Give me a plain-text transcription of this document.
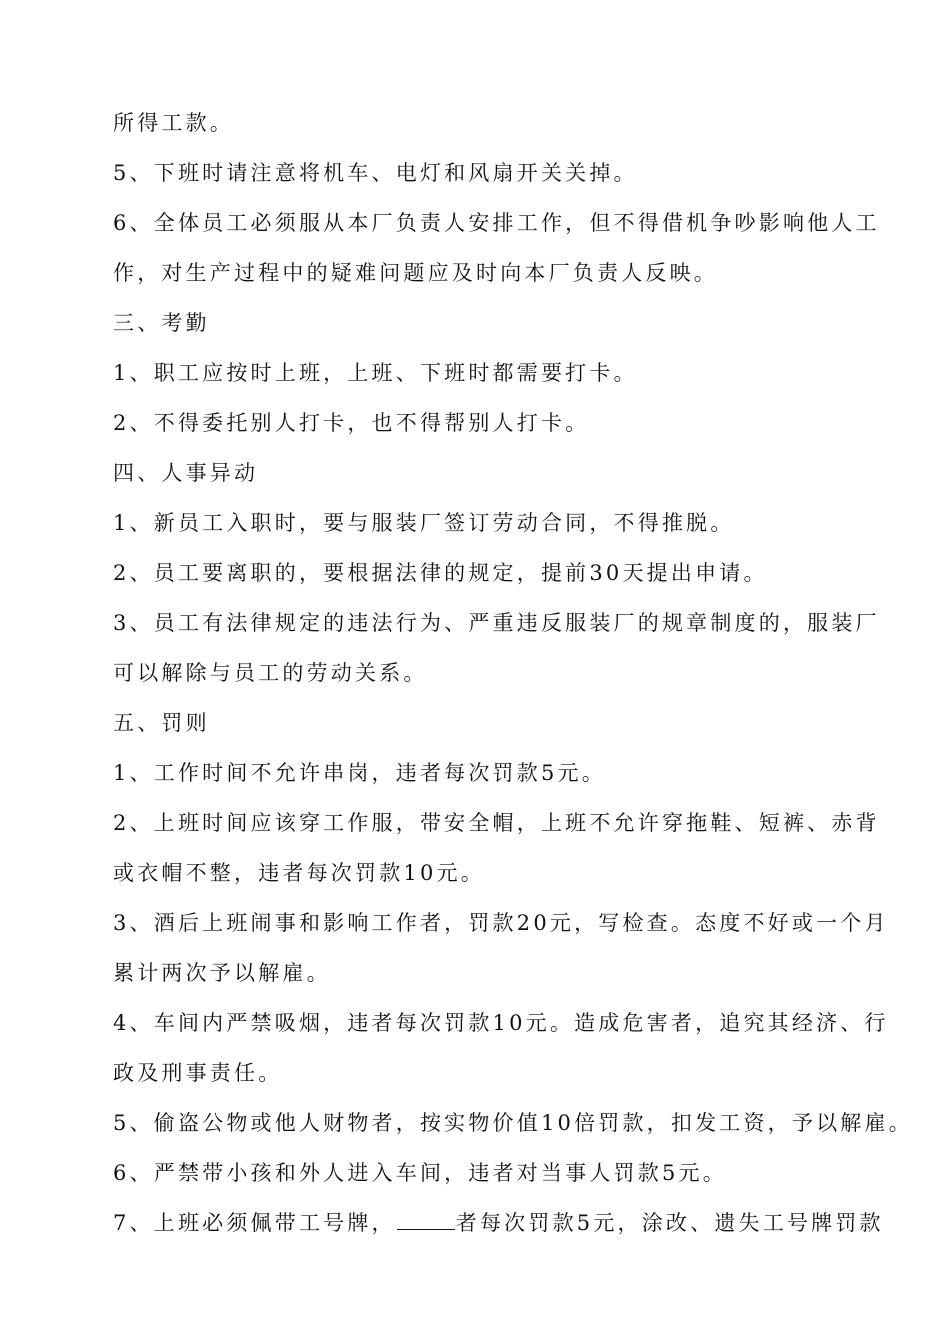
所得工款。
5、下班时请注意将机车、电灯和风扇开关关掉。
6、全体员工必须服从本厂负责人安排工作，但不得借机争吵影响他人工
作，对生产过程中的疑难问题应及时向本厂负责人反映。
三、考勤
1、职工应按时上班，上班、下班时都需要打卡。
2、不得委托别人打卡，也不得帮别人打卡。
四、人事异动
1、新员工入职时，要与服装厂签订劳动合同，不得推脱。
2、员工要离职的，要根据法律的规定，提前30天提出申请。
3、员工有法律规定的违法行为、严重违反服装厂的规章制度的，服装厂
可以解除与员工的劳动关系。
五、罚则
1、工作时间不允许串岗，违者每次罚款5元。
2、上班时间应该穿工作服，带安全帽，上班不允许穿拖鞋、短裤、赤背
或衣帽不整，违者每次罚款10元。
3、酒后上班闹事和影响工作者，罚款20元，写检查。态度不好或一个月
累计两次予以解雇。
4、车间内严禁吸烟，违者每次罚款10元。造成危害者，追究其经济、行
政及刑事责任。
5、偷盗公物或他人财物者，按实物价值10倍罚款，扣发工资，予以解雇。
6、严禁带小孩和外人进入车间，违者对当事人罚款5元。
7、上班必须佩带工号牌，	者每次罚款5元，涂改、遗失工号牌罚款
